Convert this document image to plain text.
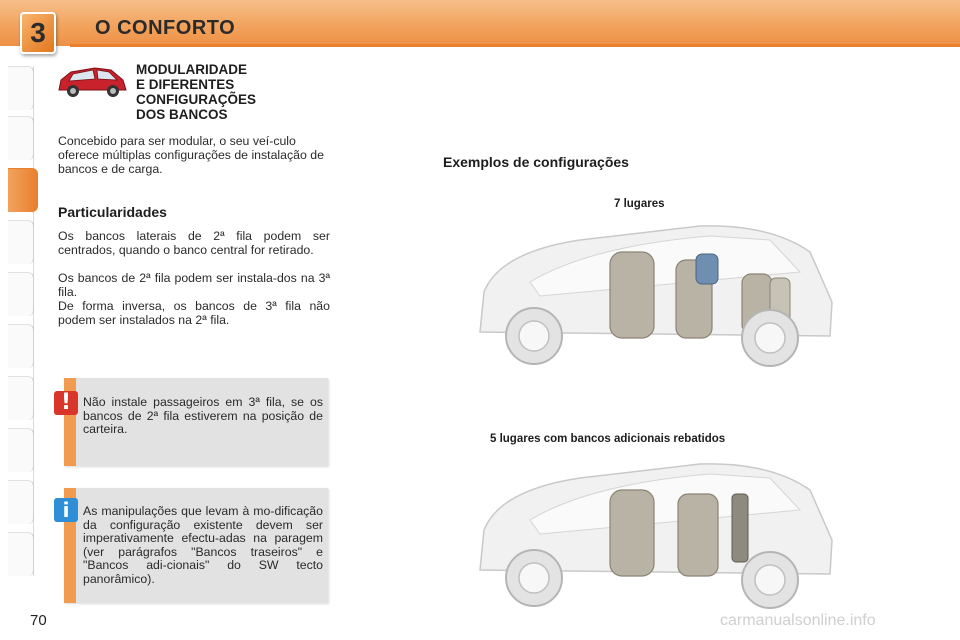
3	O CONFORTO
MODULARIDADE
E DIFERENTES
CONFIGURAÇÕES
DOS BANCOS
Concebido para ser modular, o seu veí-culo oferece múltiplas configurações de instalação de bancos e de carga.
Particularidades
Os bancos laterais de 2ª fila podem ser centrados, quando o banco central for retirado.
Os bancos de 2ª fila podem ser instala-dos na 3ª fila.
De forma inversa, os bancos de 3ª fila não podem ser instalados na 2ª fila.
Não instale passageiros em 3ª fila, se os bancos de 2ª fila estiverem na posição de carteira.
!
As manipulações que levam à mo-dificação da configuração existente devem ser imperativamente efectu-adas na paragem (ver parágrafos "Bancos traseiros" e "Bancos adi-cionais" do SW tecto panorâmico).
i
Exemplos de configurações
7 lugares
5 lugares com bancos adicionais rebatidos
70	carmanualsonline.info
